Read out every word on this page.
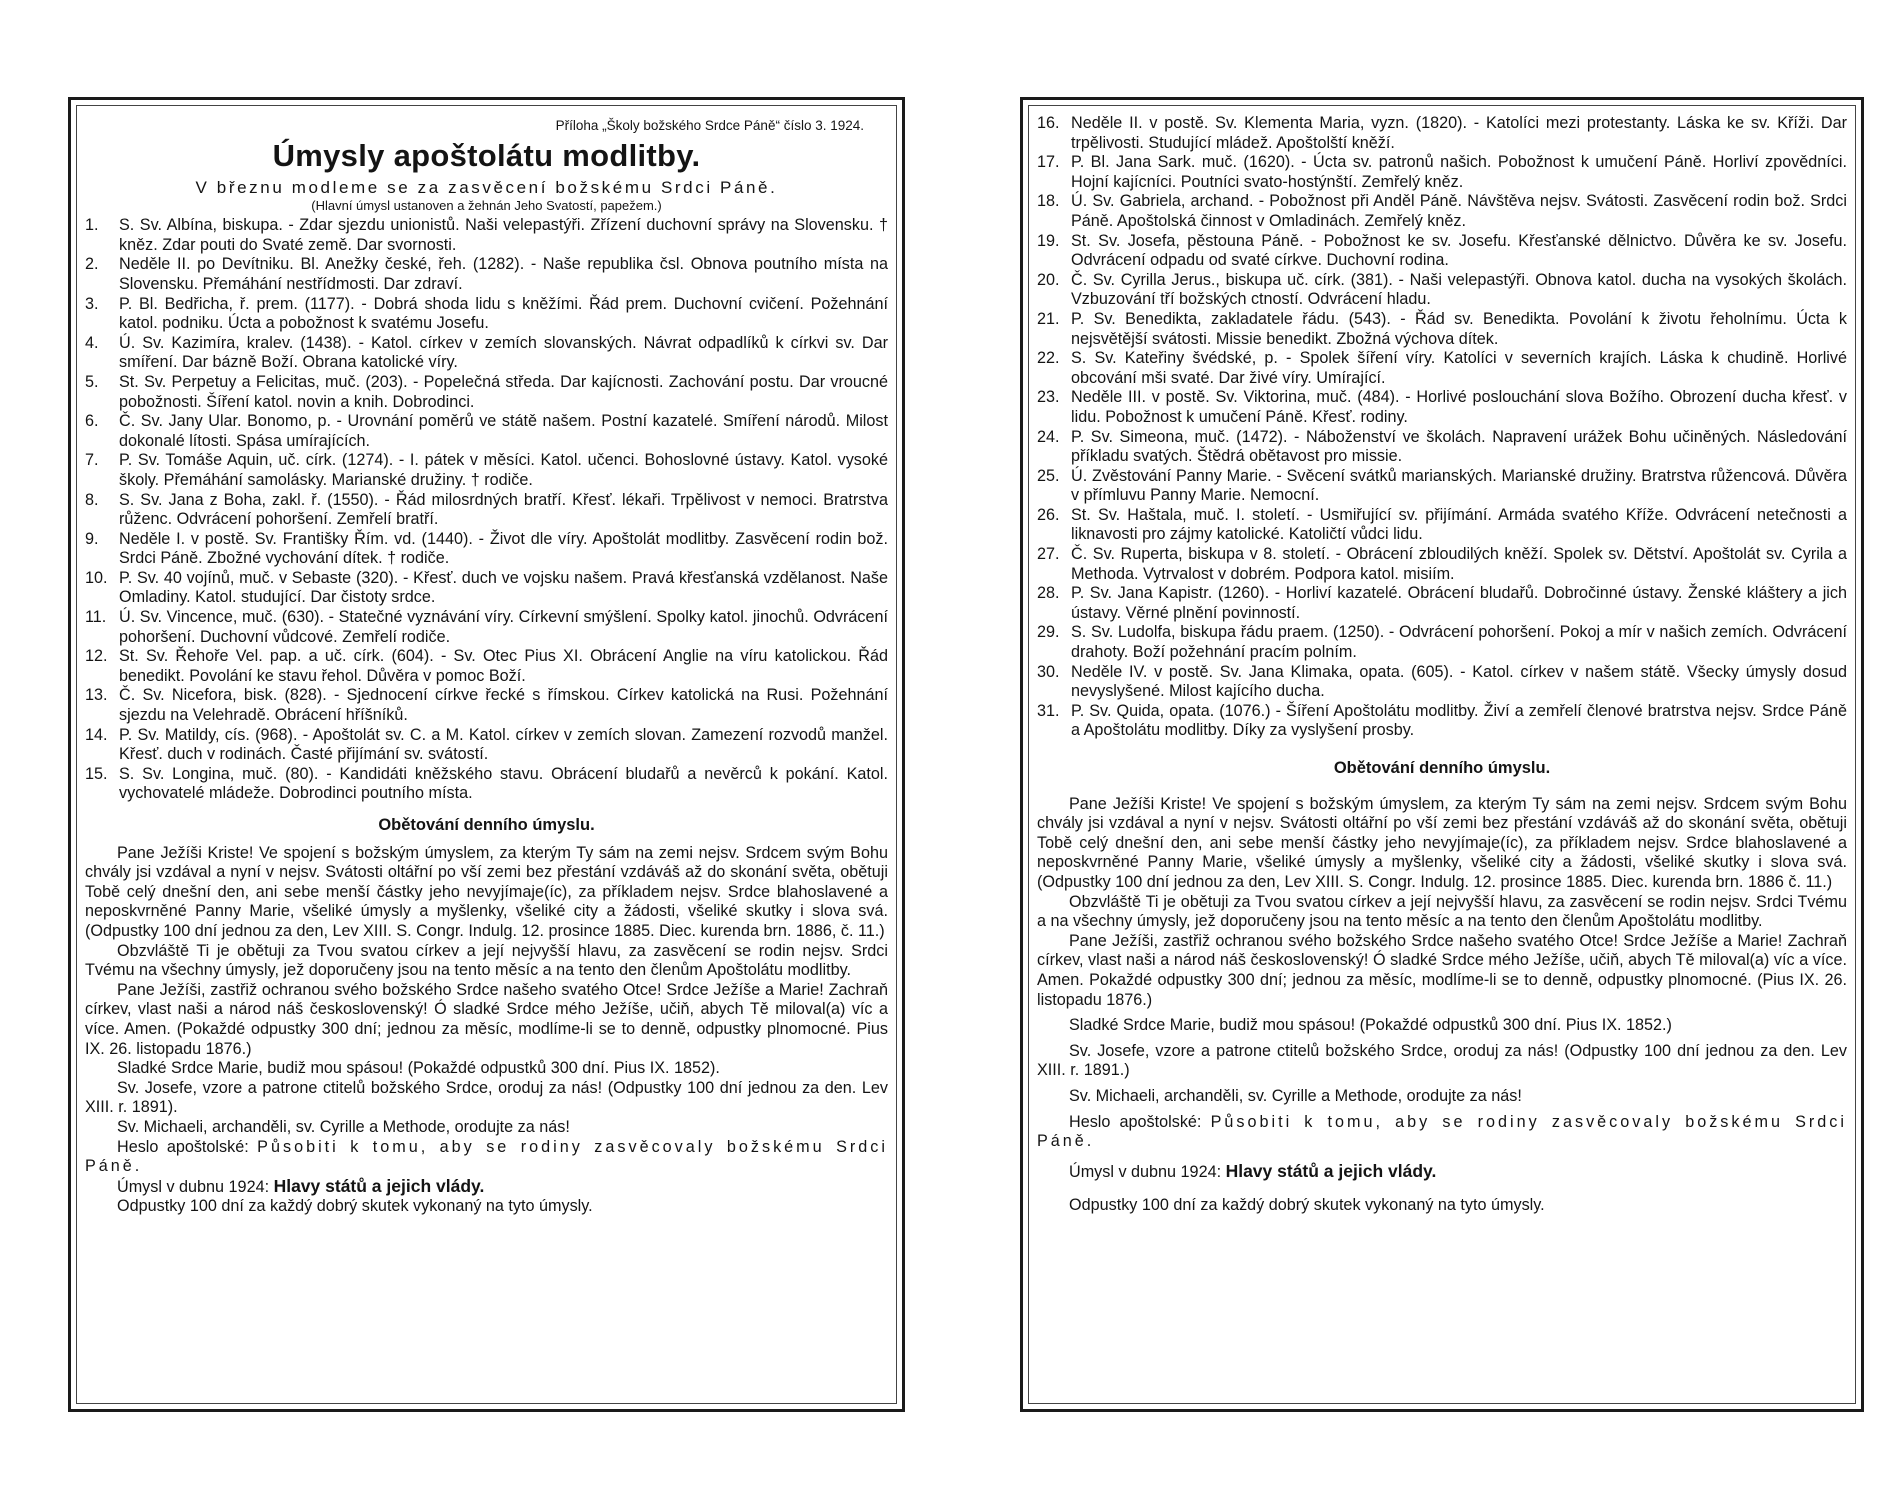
Příloha „Školy božského Srdce Páně“ číslo 3. 1924.
Úmysly apoštolátu modlitby.
V březnu modleme se za zasvěcení božskému Srdci Páně.
(Hlavní úmysl ustanoven a žehnán Jeho Svatostí, papežem.)
1.	S. Sv. Albína, biskupa. - Zdar sjezdu unionistů. Naši velepastýři. Zřízení duchovní správy na Slovensku. † kněz. Zdar pouti do Svaté země. Dar svornosti.
2.	Neděle II. po Devítniku. Bl. Anežky české, řeh. (1282). - Naše republika čsl. Obnova poutního místa na Slovensku. Přemáhání nestřídmosti. Dar zdraví.
3.	P. Bl. Bedřicha, ř. prem. (1177). - Dobrá shoda lidu s kněžími. Řád prem. Duchovní cvičení. Požehnání katol. podniku. Úcta a pobožnost k svatému Josefu.
4.	Ú. Sv. Kazimíra, kralev. (1438). - Katol. církev v zemích slovanských. Návrat odpadlíků k církvi sv. Dar smíření. Dar bázně Boží. Obrana katolické víry.
5.	St. Sv. Perpetuy a Felicitas, muč. (203). - Popelečná středa. Dar kajícnosti. Zachování postu. Dar vroucné pobožnosti. Šíření katol. novin a knih. Dobrodinci.
6.	Č. Sv. Jany Ular. Bonomo, p. - Urovnání poměrů ve státě našem. Postní kazatelé. Smíření národů. Milost dokonalé lítosti. Spása umírajících.
7.	P. Sv. Tomáše Aquin, uč. círk. (1274). - I. pátek v měsíci. Katol. učenci. Bohoslovné ústavy. Katol. vysoké školy. Přemáhání samolásky. Marianské družiny. † rodiče.
8.	S. Sv. Jana z Boha, zakl. ř. (1550). - Řád milosrdných bratří. Křesť. lékaři. Trpělivost v nemoci. Bratrstva růženc. Odvrácení pohoršení. Zemřelí bratří.
9.	Neděle I. v postě. Sv. Františky Řím. vd. (1440). - Život dle víry. Apoštolát modlitby. Zasvěcení rodin bož. Srdci Páně. Zbožné vychování dítek. † rodiče.
10. P. Sv. 40 vojínů, muč. v Sebaste (320). - Křesť. duch ve vojsku našem. Pravá křesťanská vzdělanost. Naše Omladiny. Katol. studující. Dar čistoty srdce.
11. Ú. Sv. Vincence, muč. (630). - Statečné vyznávání víry. Církevní smýšlení. Spolky katol. jinochů. Odvrácení pohoršení. Duchovní vůdcové. Zemřelí rodiče.
12. St. Sv. Řehoře Vel. pap. a uč. círk. (604). - Sv. Otec Pius XI. Obrácení Anglie na víru katolickou. Řád benedikt. Povolání ke stavu řehol. Důvěra v pomoc Boží.
13. Č. Sv. Nicefora, bisk. (828). - Sjednocení církve řecké s římskou. Církev katolická na Rusi. Požehnání sjezdu na Velehradě. Obrácení hříšníků.
14. P. Sv. Matildy, cís. (968). - Apoštolát sv. C. a M. Katol. církev v zemích slovan. Zamezení rozvodů manžel. Křesť. duch v rodinách. Časté přijímání sv. svátostí.
15. S. Sv. Longina, muč. (80). - Kandidáti kněžského stavu. Obrácení bludařů a nevěrců k pokání. Katol. vychovatelé mládeže. Dobrodinci poutního místa.
Obětování denního úmyslu.

Pane Ježíši Kriste! Ve spojení s božským úmyslem, za kterým Ty sám na zemi nejsv. Srdcem svým Bohu chvály jsi vzdával a nyní v nejsv. Svátosti oltářní po vší zemi bez přestání vzdáváš až do skonání světa, obětuji Tobě celý dnešní den, ani sebe menší částky jeho nevyjímaje(íc), za příkladem nejsv. Srdce blahoslavené a neposkvrněné Panny Marie, všeliké úmysly a myšlenky, všeliké city a žádosti, všeliké skutky i slova svá. (Odpustky 100 dní jednou za den, Lev XIII. S. Congr. Indulg. 12. prosince 1885. Diec. kurenda brn. 1886, č. 11.)

Obzvláště Ti je obětuji za Tvou svatou církev a její nejvyšší hlavu, za zasvěcení se rodin nejsv. Srdci Tvému na všechny úmysly, jež doporučeny jsou na tento měsíc a na tento den členům Apoštolátu modlitby.

Pane Ježíši, zastřiž ochranou svého božského Srdce našeho svatého Otce! Srdce Ježíše a Marie! Zachraň církev, vlast naši a národ náš československý! Ó sladké Srdce mého Ježíše, učiň, abych Tě miloval(a) víc a více. Amen. (Pokaždé odpustky 300 dní; jednou za měsíc, modlíme-li se to denně, odpustky plnomocné. Pius IX. 26. listopadu 1876.)

Sladké Srdce Marie, budiž mou spásou! (Pokaždé odpustků 300 dní. Pius IX. 1852).

Sv. Josefe, vzore a patrone ctitelů božského Srdce, oroduj za nás! (Odpustky 100 dní jednou za den. Lev XIII. r. 1891).

Sv. Michaeli, archanděli, sv. Cyrille a Methode, orodujte za nás!

Heslo apoštolské: Působiti k tomu, aby se rodiny zasvěcovaly božskému Srdci Páně.

Úmysl v dubnu 1924: Hlavy států a jejich vlády.

Odpustky 100 dní za každý dobrý skutek vykonaný na tyto úmysly.

16. Neděle II. v postě. Sv. Klementa Maria, vyzn. (1820). - Katolíci mezi protestanty. Láska ke sv. Kříži. Dar trpělivosti. Studující mládež. Apoštolští kněží.
17. P. Bl. Jana Sark. muč. (1620). - Úcta sv. patronů našich. Pobožnost k umučení Páně. Horliví zpovědníci. Hojní kajícníci. Poutníci svato-hostýnští. Zemřelý kněz.
18. Ú. Sv. Gabriela, archand. - Pobožnost při Anděl Páně. Návštěva nejsv. Svátosti. Zasvěcení rodin bož. Srdci Páně. Apoštolská činnost v Omladinách. Zemřelý kněz.
19. St. Sv. Josefa, pěstouna Páně. - Pobožnost ke sv. Josefu. Křesťanské dělnictvo. Důvěra ke sv. Josefu. Odvrácení odpadu od svaté církve. Duchovní rodina.
20. Č. Sv. Cyrilla Jerus., biskupa uč. círk. (381). - Naši velepastýři. Obnova katol. ducha na vysokých školách. Vzbuzování tří božských ctností. Odvrácení hladu.
21. P. Sv. Benedikta, zakladatele řádu. (543). - Řád sv. Benedikta. Povolání k životu řeholnímu. Úcta k nejsvětější svátosti. Missie benedikt. Zbožná výchova dítek.
22. S. Sv. Kateřiny švédské, p. - Spolek šíření víry. Katolíci v severních krajích. Láska k chudině. Horlivé obcování mši svaté. Dar živé víry. Umírající.
23. Neděle III. v postě. Sv. Viktorina, muč. (484). - Horlivé poslouchání slova Božího. Obrození ducha křesť. v lidu. Pobožnost k umučení Páně. Křesť. rodiny.
24. P. Sv. Simeona, muč. (1472). - Náboženství ve školách. Napravení urážek Bohu učiněných. Následování příkladu svatých. Štědrá obětavost pro missie.
25. Ú. Zvěstování Panny Marie. - Svěcení svátků marianských. Marianské družiny. Bratrstva růžencová. Důvěra v přímluvu Panny Marie. Nemocní.
26. St. Sv. Haštala, muč. I. století. - Usmiřující sv. přijímání. Armáda svatého Kříže. Odvrácení netečnosti a liknavosti pro zájmy katolické. Katoličtí vůdci lidu.
27. Č. Sv. Ruperta, biskupa v 8. století. - Obrácení zbloudilých kněží. Spolek sv. Dětství. Apoštolát sv. Cyrila a Methoda. Vytrvalost v dobrém. Podpora katol. misiím.
28. P. Sv. Jana Kapistr. (1260). - Horliví kazatelé. Obrácení bludařů. Dobročinné ústavy. Ženské kláštery a jich ústavy. Věrné plnění povinností.
29. S. Sv. Ludolfa, biskupa řádu praem. (1250). - Odvrácení pohoršení. Pokoj a mír v našich zemích. Odvrácení drahoty. Boží požehnání pracím polním.
30. Neděle IV. v postě. Sv. Jana Klimaka, opata. (605). - Katol. církev v našem státě. Všecky úmysly dosud nevyslyšené. Milost kajícího ducha.
31. P. Sv. Quida, opata. (1076.) - Šíření Apoštolátu modlitby. Živí a zemřelí členové bratrstva nejsv. Srdce Páně a Apoštolátu modlitby. Díky za vyslyšení prosby.
Obětování denního úmyslu.

Pane Ježíši Kriste! Ve spojení s božským úmyslem, za kterým Ty sám na zemi nejsv. Srdcem svým Bohu chvály jsi vzdával a nyní v nejsv. Svátosti oltářní po vší zemi bez přestání vzdáváš až do skonání světa, obětuji Tobě celý dnešní den, ani sebe menší částky jeho nevyjímaje(íc), za příkladem nejsv. Srdce blahoslavené a neposkvrněné Panny Marie, všeliké úmysly a myšlenky, všeliké city a žádosti, všeliké skutky i slova svá. (Odpustky 100 dní jednou za den, Lev XIII. S. Congr. Indulg. 12. prosince 1885. Diec. kurenda brn. 1886 č. 11.)

Obzvláště Ti je obětuji za Tvou svatou církev a její nejvyšší hlavu, za zasvěcení se rodin nejsv. Srdci Tvému a na všechny úmysly, jež doporučeny jsou na tento měsíc a na tento den členům Apoštolátu modlitby.

Pane Ježíši, zastřiž ochranou svého božského Srdce našeho svatého Otce! Srdce Ježíše a Marie! Zachraň církev, vlast naši a národ náš československý! Ó sladké Srdce mého Ježíše, učiň, abych Tě miloval(a) víc a více. Amen. Pokaždé odpustky 300 dní; jednou za měsíc, modlíme-li se to denně, odpustky plnomocné. (Pius IX. 26. listopadu 1876.)

Sladké Srdce Marie, budiž mou spásou! (Pokaždé odpustků 300 dní. Pius IX. 1852.)

Sv. Josefe, vzore a patrone ctitelů božského Srdce, oroduj za nás! (Odpustky 100 dní jednou za den. Lev XIII. r. 1891.)

Sv. Michaeli, archanděli, sv. Cyrille a Methode, orodujte za nás!

Heslo apoštolské: Působiti k tomu, aby se rodiny zasvěcovaly božskému Srdci Páně.

Úmysl v dubnu 1924: Hlavy států a jejich vlády.

Odpustky 100 dní za každý dobrý skutek vykonaný na tyto úmysly.
